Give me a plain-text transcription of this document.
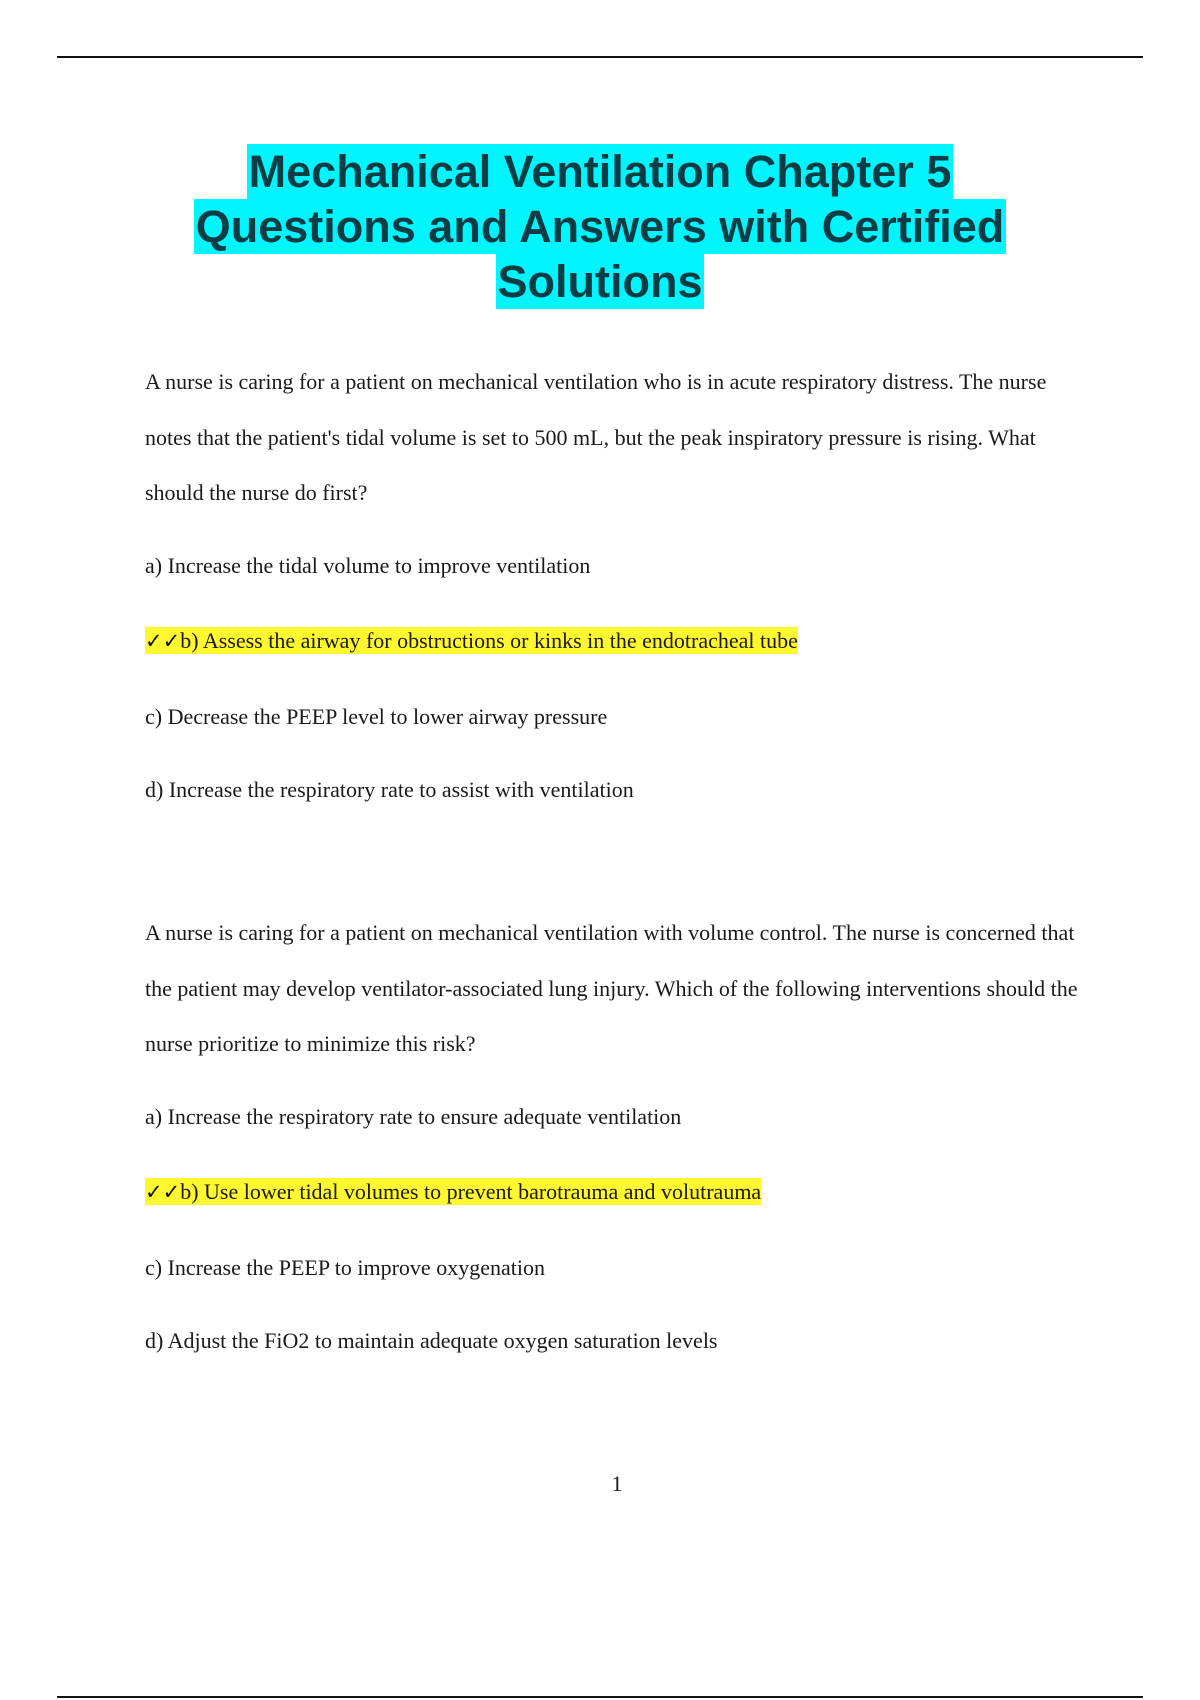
Mechanical Ventilation Chapter 5
Questions and Answers with Certified
Solutions

A nurse is caring for a patient on mechanical ventilation who is in acute respiratory distress. The nurse notes that the patient's tidal volume is set to 500 mL, but the peak inspiratory pressure is rising. What should the nurse do first?

a) Increase the tidal volume to improve ventilation

✓✓b) Assess the airway for obstructions or kinks in the endotracheal tube

c) Decrease the PEEP level to lower airway pressure

d) Increase the respiratory rate to assist with ventilation

A nurse is caring for a patient on mechanical ventilation with volume control. The nurse is concerned that the patient may develop ventilator-associated lung injury. Which of the following interventions should the nurse prioritize to minimize this risk?

a) Increase the respiratory rate to ensure adequate ventilation

✓✓b) Use lower tidal volumes to prevent barotrauma and volutrauma

c) Increase the PEEP to improve oxygenation

d) Adjust the FiO2 to maintain adequate oxygen saturation levels

1
